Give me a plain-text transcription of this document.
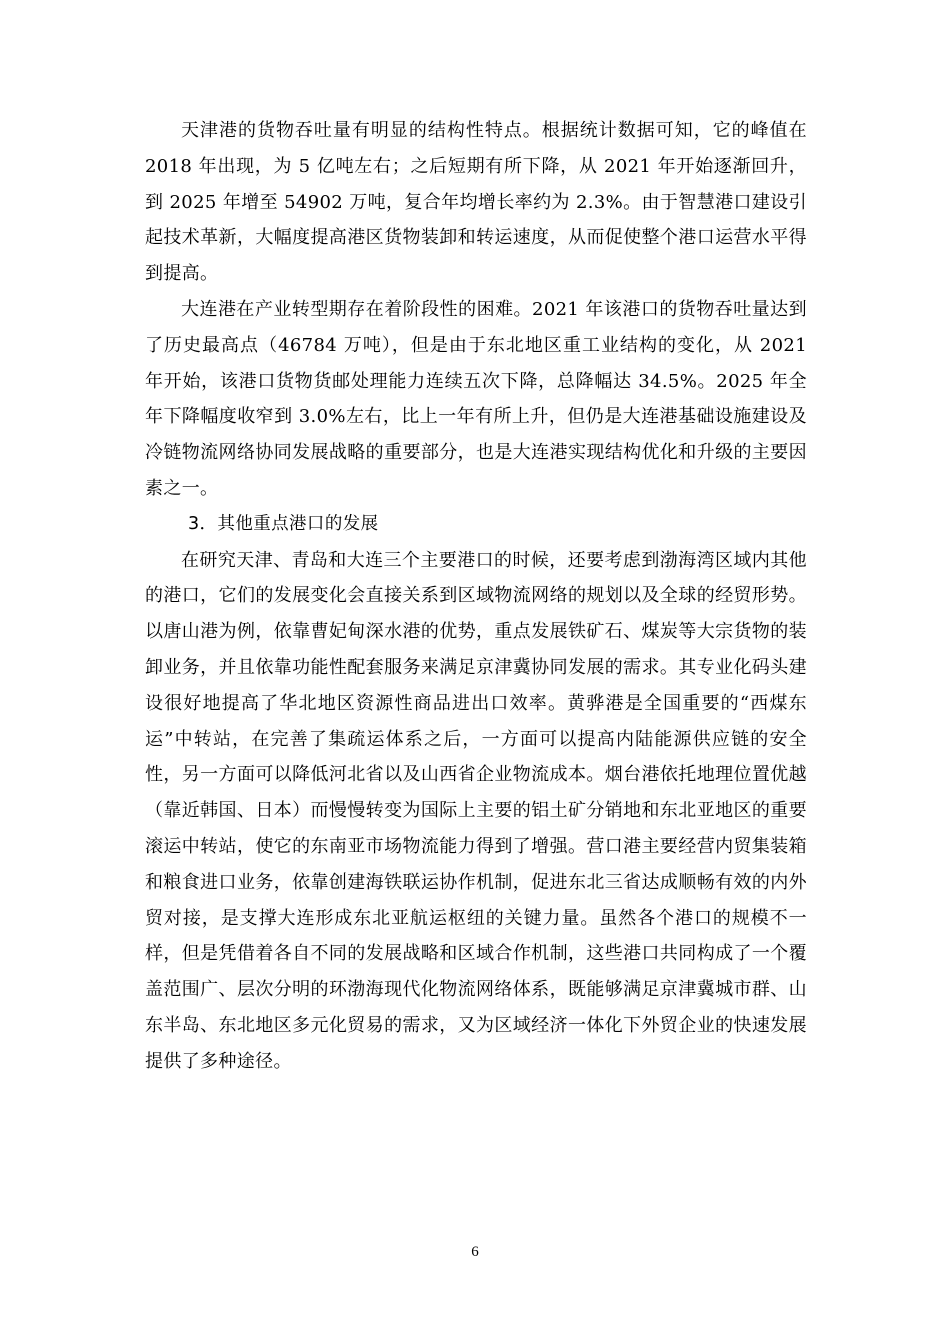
天津港的货物吞吐量有明显的结构性特点。根据统计数据可知，它的峰值在 2018 年出现，为 5 亿吨左右；之后短期有所下降，从 2021 年开始逐渐回升，到 2025 年增至 54902 万吨，复合年均增长率约为 2.3%。由于智慧港口建设引起技术革新，大幅度提高港区货物装卸和转运速度，从而促使整个港口运营水平得到提高。

大连港在产业转型期存在着阶段性的困难。2021 年该港口的货物吞吐量达到了历史最高点（46784 万吨），但是由于东北地区重工业结构的变化，从 2021 年开始，该港口货物货邮处理能力连续五次下降，总降幅达 34.5%。2025 年全年下降幅度收窄到 3.0%左右，比上一年有所上升，但仍是大连港基础设施建设及冷链物流网络协同发展战略的重要部分，也是大连港实现结构优化和升级的主要因素之一。

3．其他重点港口的发展

在研究天津、青岛和大连三个主要港口的时候，还要考虑到渤海湾区域内其他的港口，它们的发展变化会直接关系到区域物流网络的规划以及全球的经贸形势。以唐山港为例，依靠曹妃甸深水港的优势，重点发展铁矿石、煤炭等大宗货物的装卸业务，并且依靠功能性配套服务来满足京津冀协同发展的需求。其专业化码头建设很好地提高了华北地区资源性商品进出口效率。黄骅港是全国重要的“西煤东运”中转站，在完善了集疏运体系之后，一方面可以提高内陆能源供应链的安全性，另一方面可以降低河北省以及山西省企业物流成本。烟台港依托地理位置优越（靠近韩国、日本）而慢慢转变为国际上主要的铝土矿分销地和东北亚地区的重要滚运中转站，使它的东南亚市场物流能力得到了增强。营口港主要经营内贸集装箱和粮食进口业务，依靠创建海铁联运协作机制，促进东北三省达成顺畅有效的内外贸对接，是支撑大连形成东北亚航运枢纽的关键力量。虽然各个港口的规模不一样，但是凭借着各自不同的发展战略和区域合作机制，这些港口共同构成了一个覆盖范围广、层次分明的环渤海现代化物流网络体系，既能够满足京津冀城市群、山东半岛、东北地区多元化贸易的需求，又为区域经济一体化下外贸企业的快速发展提供了多种途径。

6
